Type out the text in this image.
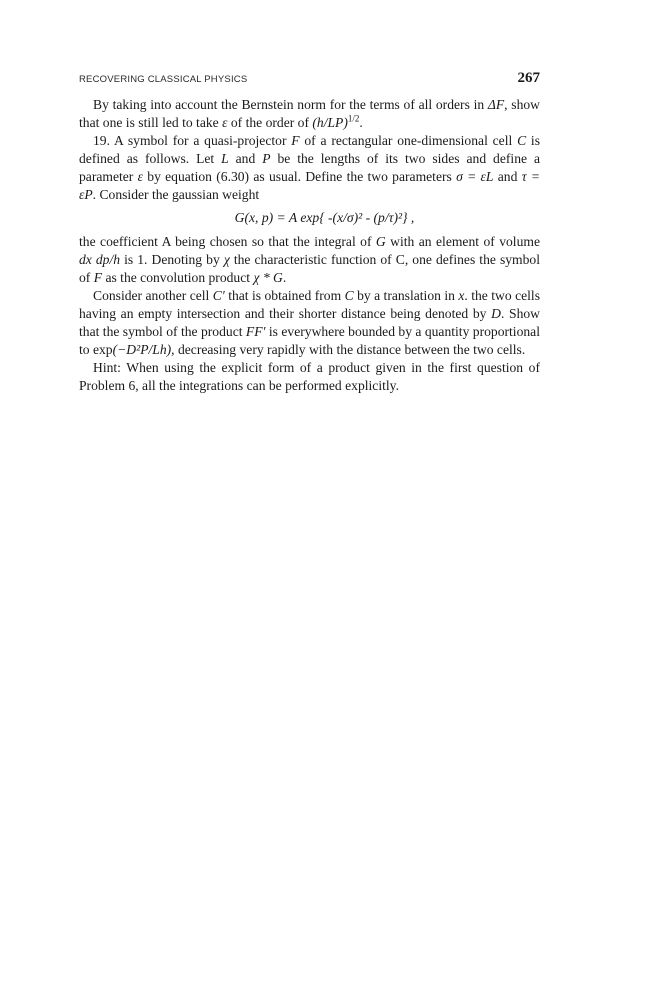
RECOVERING CLASSICAL PHYSICS	267

By taking into account the Bernstein norm for the terms of all orders in ΔF, show that one is still led to take ε of the order of $(h/LP)^{1/2}$.

19. A symbol for a quasi-projector F of a rectangular one-dimensional cell C is defined as follows. Let L and P be the lengths of its two sides and define a parameter ε by equation (6.30) as usual. Define the two parameters σ = εL and τ = εP. Consider the gaussian weight

G(x, p) = A exp{ -(x/σ)² - (p/τ)²} ,

the coefficient A being chosen so that the integral of G with an element of volume dx dp/h is 1. Denoting by χ the characteristic function of C, one defines the symbol of F as the convolution product χ * G.

Consider another cell C′ that is obtained from C by a translation in x. the two cells having an empty intersection and their shorter distance being denoted by D. Show that the symbol of the product FF′ is everywhere bounded by a quantity proportional to exp(−D²P/Lh), decreasing very rapidly with the distance between the two cells.

Hint: When using the explicit form of a product given in the first question of Problem 6, all the integrations can be performed explicitly.
